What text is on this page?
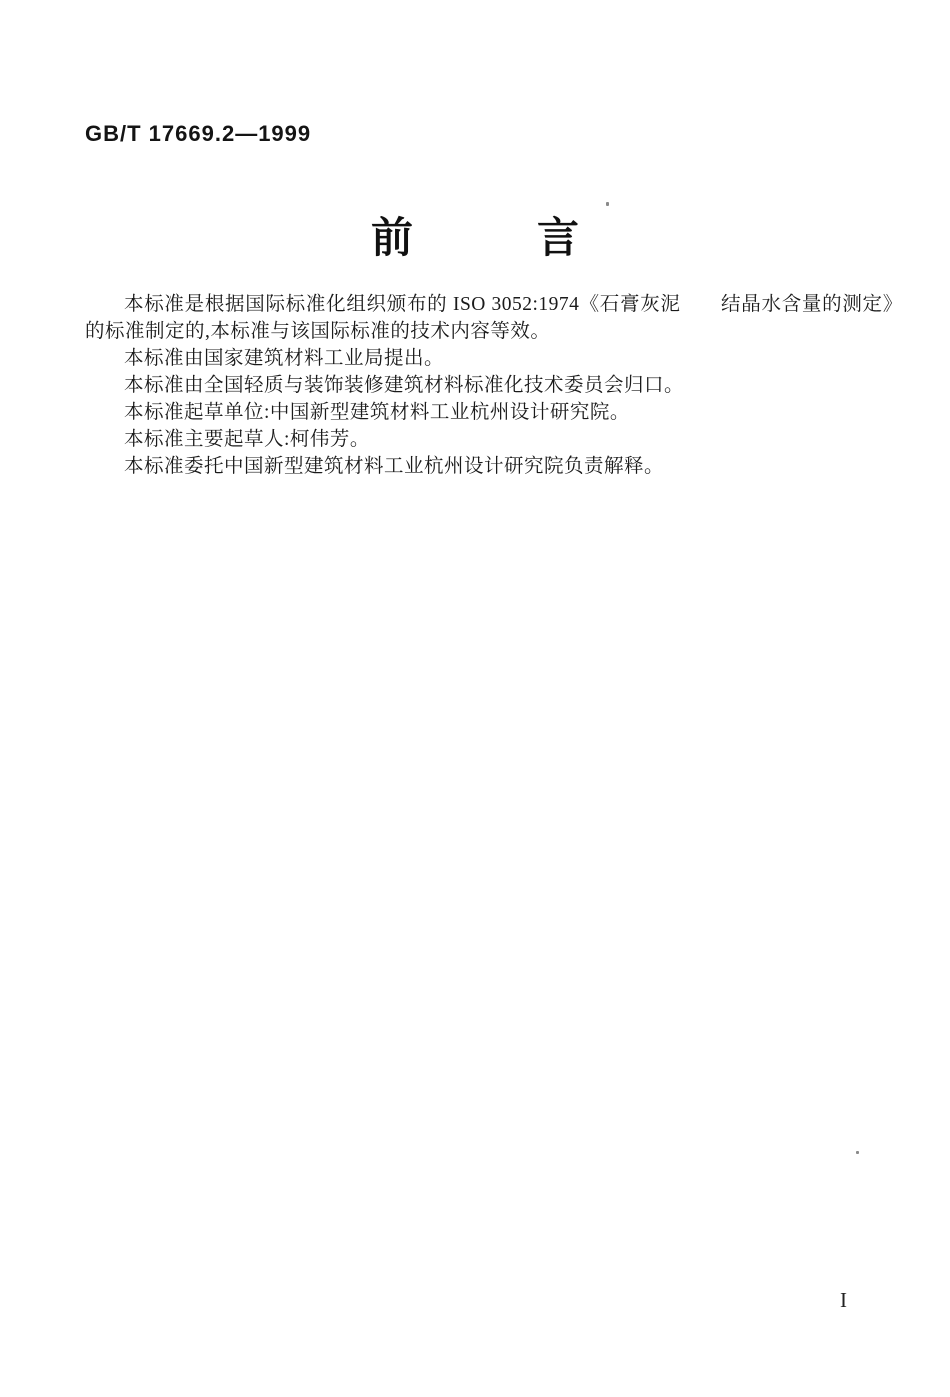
GB/T 17669.2—1999
前	言

本标准是根据国际标准化组织颁布的 ISO 3052:1974《石膏灰泥　　结晶水含量的测定》的标准制定的,本标准与该国际标准的技术内容等效。

本标准由国家建筑材料工业局提出。

本标准由全国轻质与装饰装修建筑材料标准化技术委员会归口。

本标准起草单位:中国新型建筑材料工业杭州设计研究院。

本标准主要起草人:柯伟芳。

本标准委托中国新型建筑材料工业杭州设计研究院负责解释。

I
